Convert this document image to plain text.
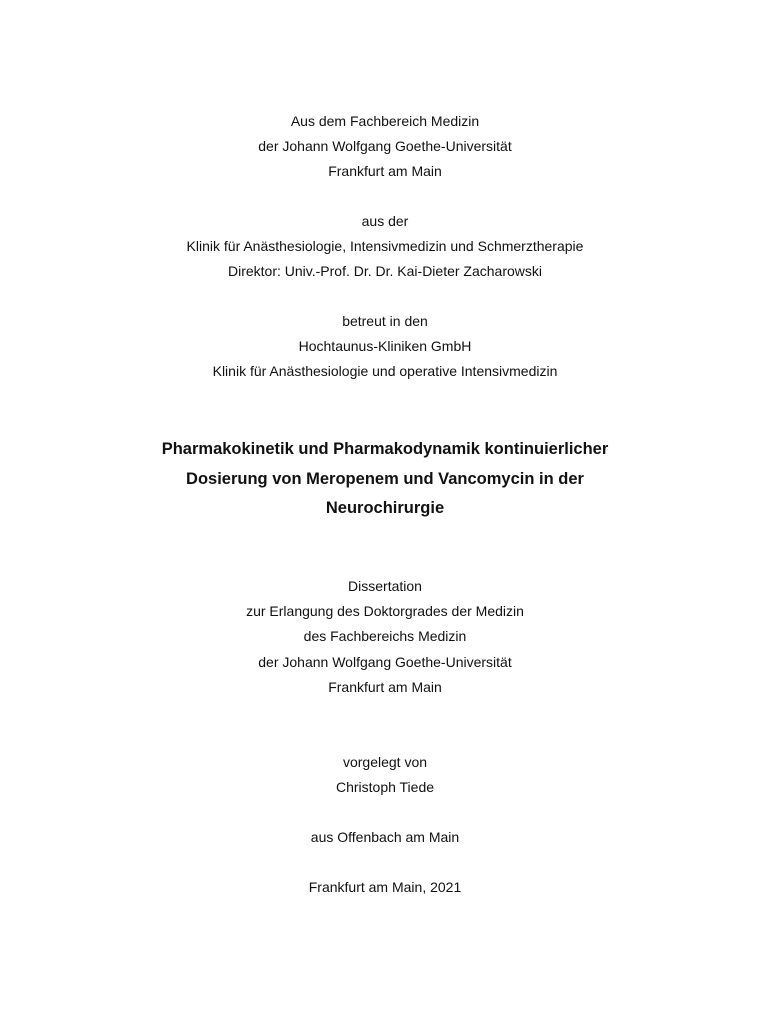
Aus dem Fachbereich Medizin
der Johann Wolfgang Goethe-Universität
Frankfurt am Main
aus der
Klinik für Anästhesiologie, Intensivmedizin und Schmerztherapie
Direktor: Univ.-Prof. Dr. Dr. Kai-Dieter Zacharowski
betreut in den
Hochtaunus-Kliniken GmbH
Klinik für Anästhesiologie und operative Intensivmedizin
Pharmakokinetik und Pharmakodynamik kontinuierlicher
Dosierung von Meropenem und Vancomycin in der
Neurochirurgie
Dissertation
zur Erlangung des Doktorgrades der Medizin
des Fachbereichs Medizin
der Johann Wolfgang Goethe-Universität
Frankfurt am Main
vorgelegt von
Christoph Tiede
aus Offenbach am Main
Frankfurt am Main, 2021
